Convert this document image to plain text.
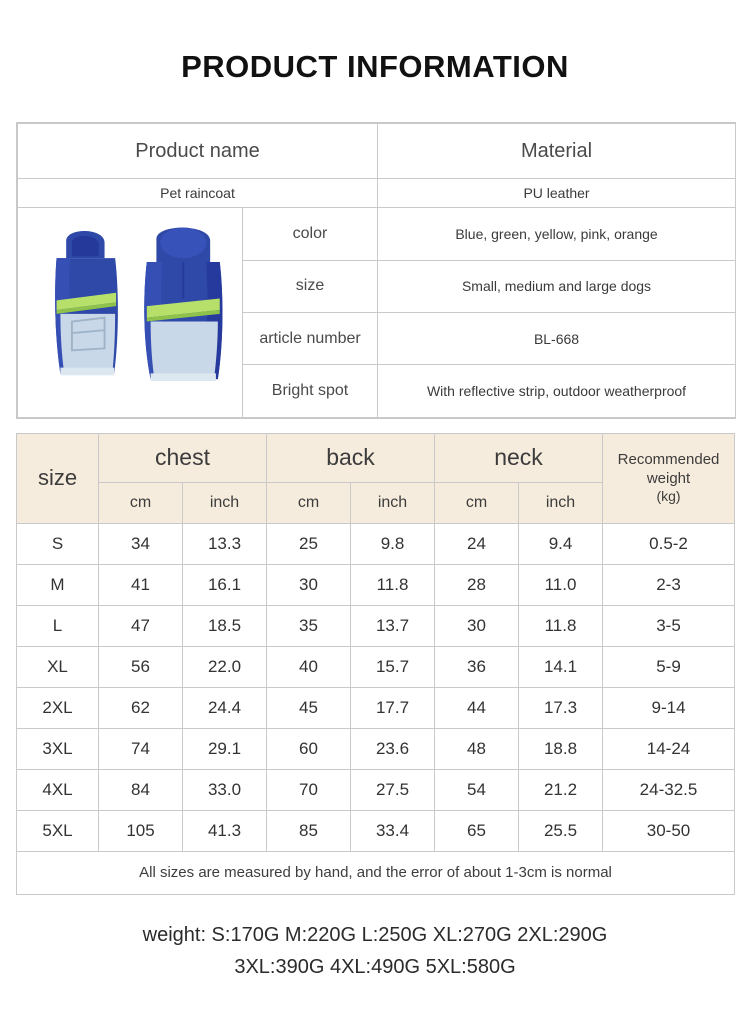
PRODUCT INFORMATION
Product name		Material
Pet raincoat		PU leather

	color	Blue, green, yellow, pink, orange
	size	Small, medium and large dogs
	article number	BL-668
	Bright spot	With reflective strip, outdoor weatherproof
size	chest		back		neck		Recommended weight
(kg)

	cm	inch	cm	inch	cm	inch	
S	34	13.3	25	9.8	24	9.4	0.5-2
M	41	16.1	30	11.8	28	11.0	2-3
L	47	18.5	35	13.7	30	11.8	3-5
XL	56	22.0	40	15.7	36	14.1	5-9
2XL	62	24.4	45	17.7	44	17.3	9-14
3XL	74	29.1	60	23.6	48	18.8	14-24
4XL	84	33.0	70	27.5	54	21.2	24-32.5
5XL	105	41.3	85	33.4	65	25.5	30-50
All sizes are measured by hand, and the error of about 1-3cm is normal							
weight: S:170G M:220G L:250G XL:270G 2XL:290G
3XL:390G 4XL:490G 5XL:580G
